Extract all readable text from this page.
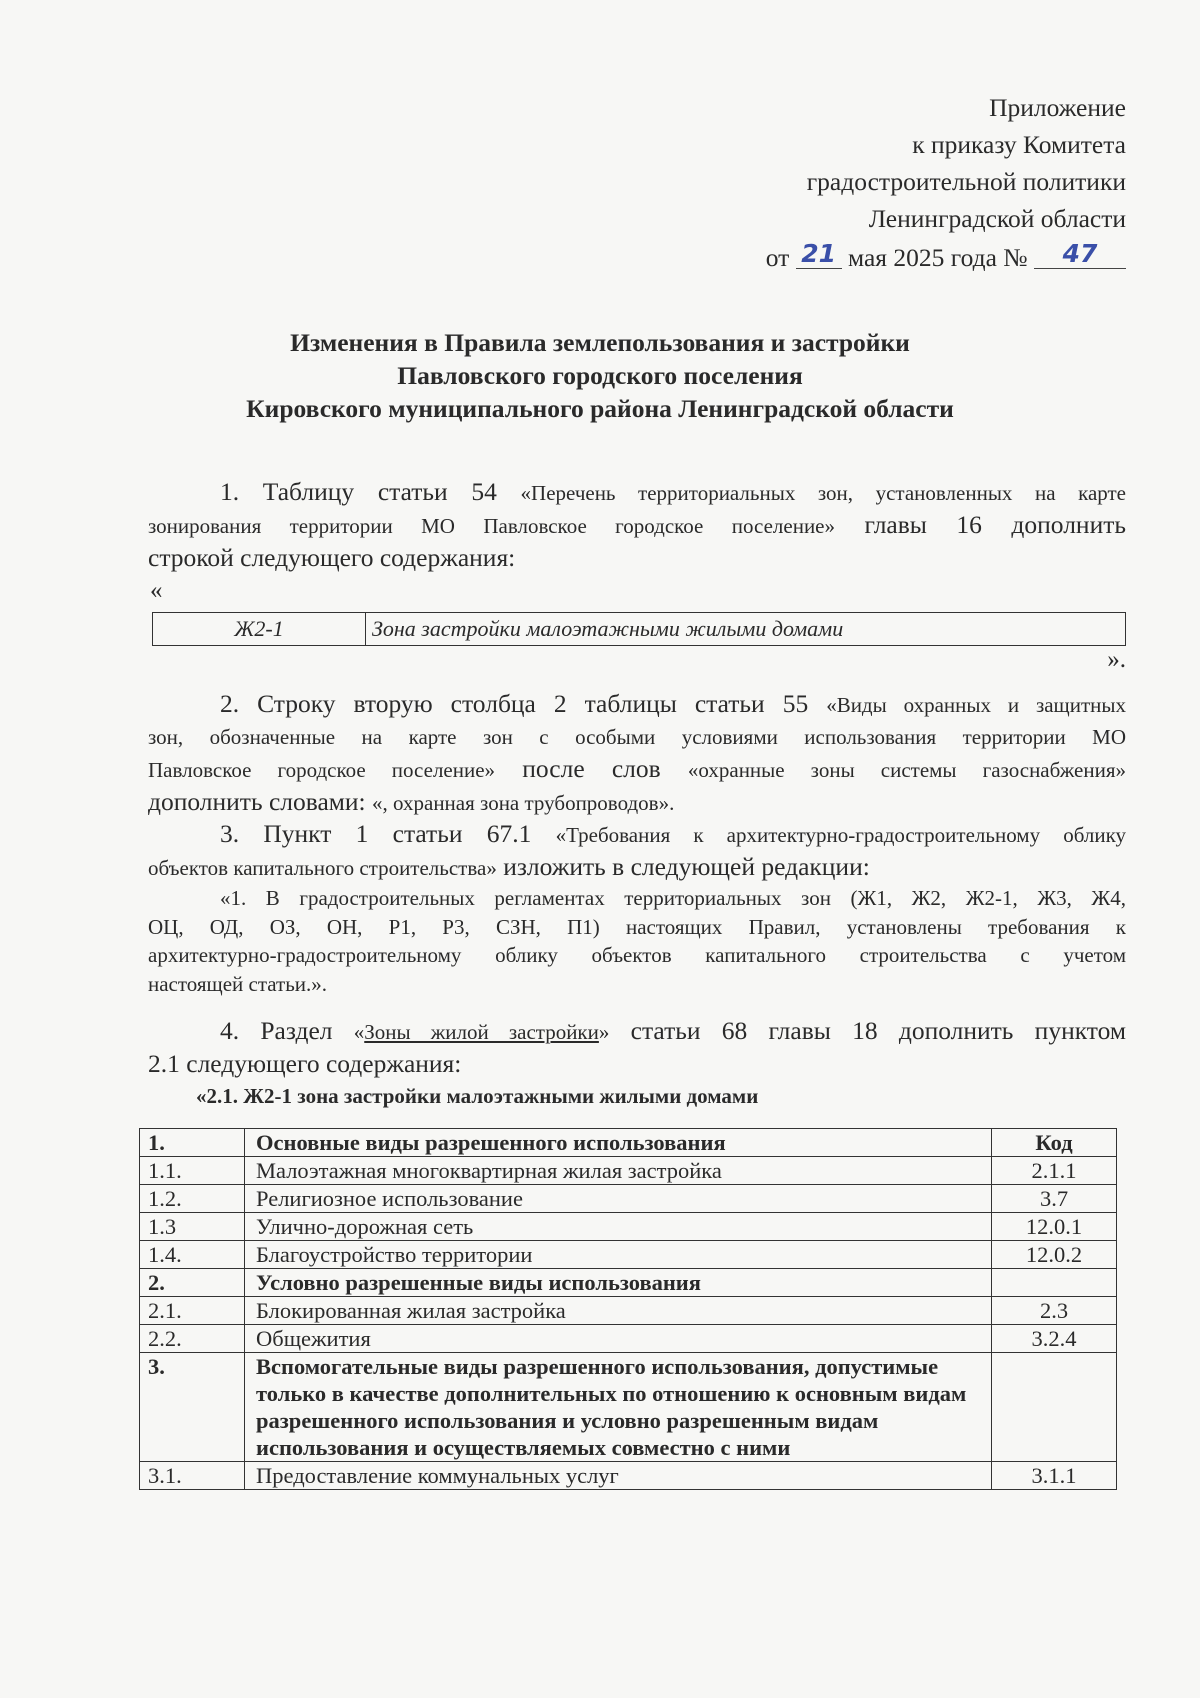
Приложение
к приказу Комитета
градостроительной политики
Ленинградской области
от 21 мая 2025 года № 47
Изменения в Правила землепользования и застройки
Павловского городского поселения
Кировского муниципального района Ленинградской области
1. Таблицу статьи 54 «Перечень территориальных зон, установленных на карте
зонирования территории МО Павловское городское поселение» главы 16 дополнить
строкой следующего содержания:
«
Ж2-1	Зона застройки малоэтажными жилыми домами
».
2. Строку вторую столбца 2 таблицы статьи 55 «Виды охранных и защитных
зон, обозначенные на карте зон с особыми условиями использования территории МО
Павловское городское поселение» после слов «охранные зоны системы газоснабжения»
дополнить словами: «, охранная зона трубопроводов».
3. Пункт 1 статьи 67.1 «Требования к архитектурно-градостроительному облику
объектов капитального строительства» изложить в следующей редакции:
«1. В градостроительных регламентах территориальных зон (Ж1, Ж2, Ж2-1, Ж3, Ж4,
ОЦ, ОД, ОЗ, ОН, Р1, Р3, СЗН, П1) настоящих Правил, установлены требования к
архитектурно-градостроительному облику объектов капитального строительства с учетом
настоящей статьи.».
4. Раздел «Зоны жилой застройки» статьи 68 главы 18 дополнить пунктом
2.1 следующего содержания:
«2.1. Ж2-1 зона застройки малоэтажными жилыми домами
1.	Основные виды разрешенного использования	Код
1.1.	Малоэтажная многоквартирная жилая застройка	2.1.1
1.2.	Религиозное использование	3.7
1.3	Улично-дорожная сеть	12.0.1
1.4.	Благоустройство территории	12.0.2
2.	Условно разрешенные виды использования	
2.1.	Блокированная жилая застройка	2.3
2.2.	Общежития	3.2.4
3.	Вспомогательные виды разрешенного использования, допустимые только в качестве дополнительных по отношению к основным видам разрешенного использования и условно разрешенным видам использования и осуществляемых совместно с ними	
3.1.	Предоставление коммунальных услуг	3.1.1
